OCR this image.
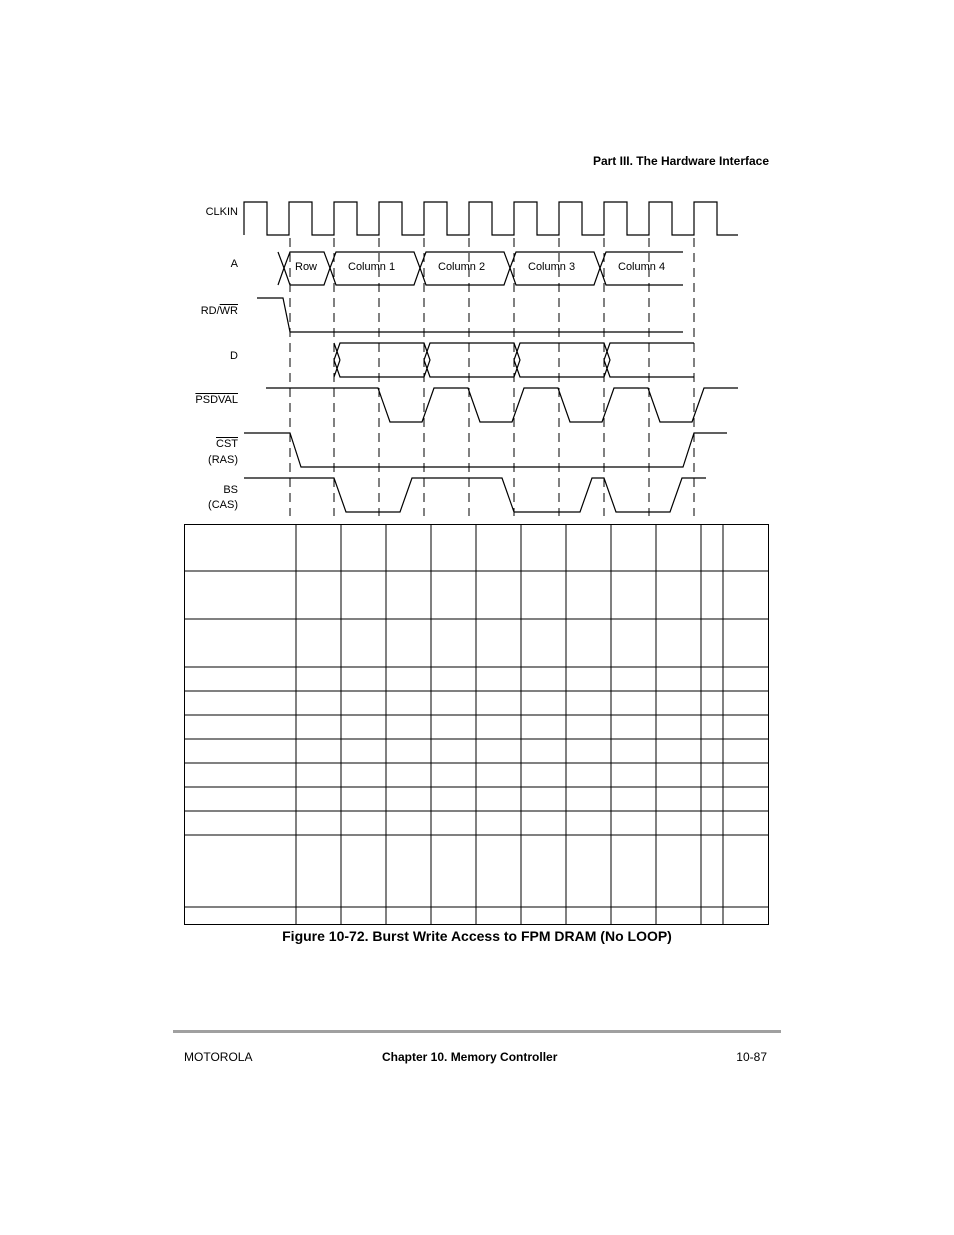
Part III. The Hardware Interface
CLKIN
A
$RD/\overline{WR}$
D
PSDVAL
$\overline{CST}$
(RAS)
BS
(CAS)
Row	Column 1	Column 2	Column 3	Column 4
Figure 10-72. Burst Write Access to FPM DRAM (No LOOP)
MOTOROLA	Chapter 10. Memory Controller	10-87
